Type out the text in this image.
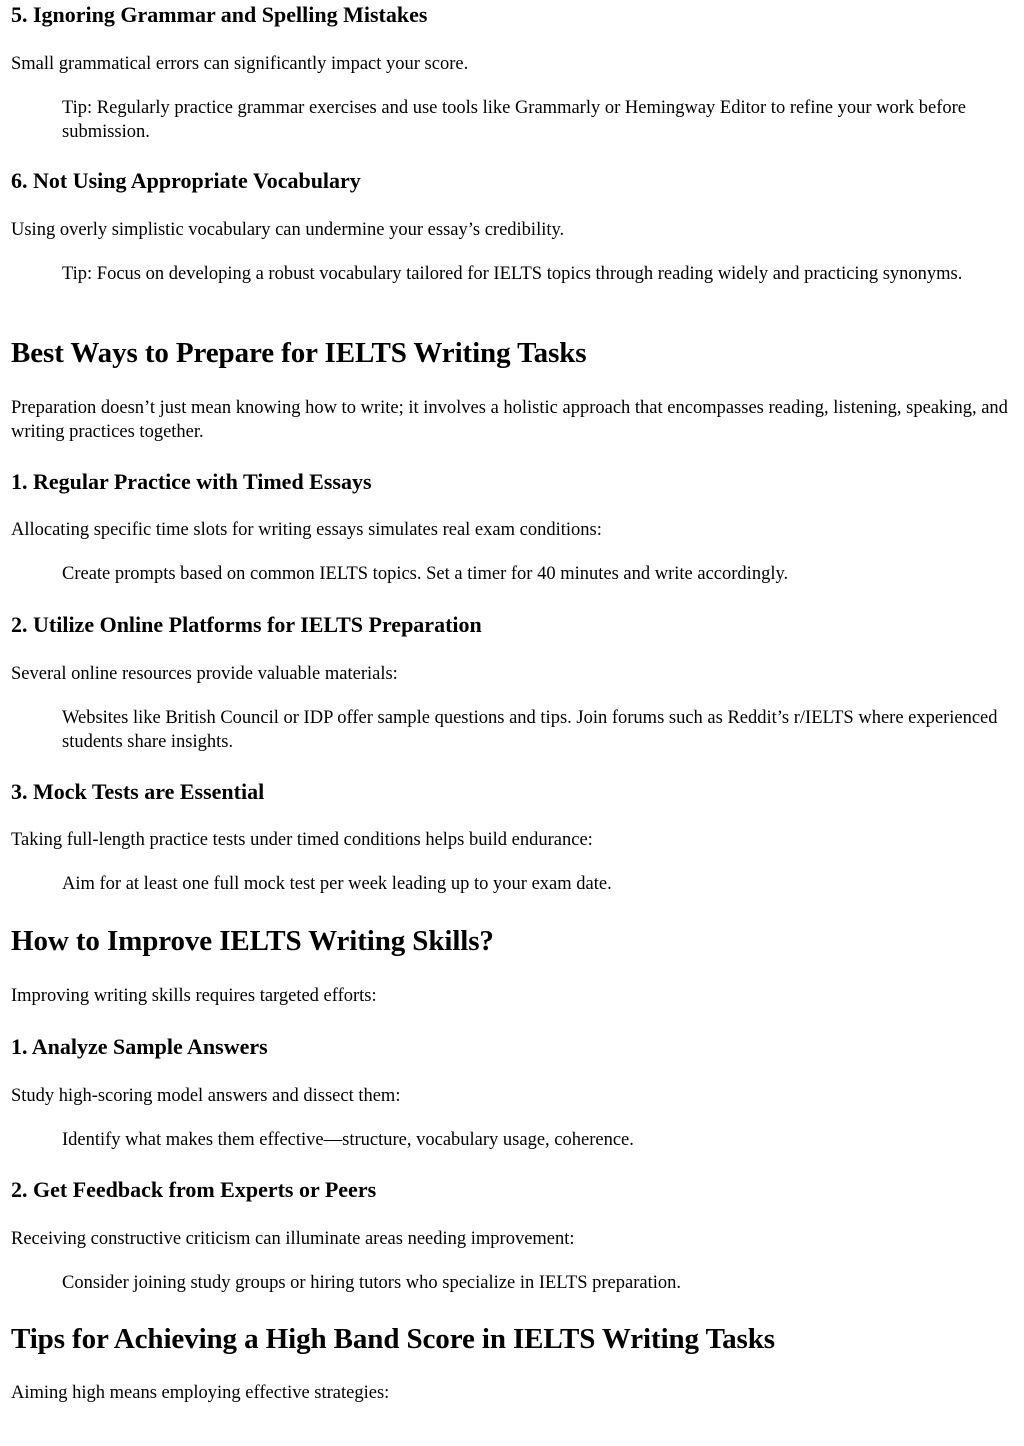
5. Ignoring Grammar and Spelling Mistakes

Small grammatical errors can significantly impact your score.

Tip: Regularly practice grammar exercises and use tools like Grammarly or Hemingway Editor to refine your work before submission.

6. Not Using Appropriate Vocabulary

Using overly simplistic vocabulary can undermine your essay’s credibility.

Tip: Focus on developing a robust vocabulary tailored for IELTS topics through reading widely and practicing synonyms.

Best Ways to Prepare for IELTS Writing Tasks

Preparation doesn’t just mean knowing how to write; it involves a holistic approach that encompasses reading, listening, speaking, and writing practices together.

1. Regular Practice with Timed Essays

Allocating specific time slots for writing essays simulates real exam conditions:

Create prompts based on common IELTS topics. Set a timer for 40 minutes and write accordingly.

2. Utilize Online Platforms for IELTS Preparation

Several online resources provide valuable materials:

Websites like British Council or IDP offer sample questions and tips. Join forums such as Reddit’s r/IELTS where experienced students share insights.

3. Mock Tests are Essential

Taking full-length practice tests under timed conditions helps build endurance:

Aim for at least one full mock test per week leading up to your exam date.

How to Improve IELTS Writing Skills?

Improving writing skills requires targeted efforts:

1. Analyze Sample Answers

Study high-scoring model answers and dissect them:

Identify what makes them effective—structure, vocabulary usage, coherence.

2. Get Feedback from Experts or Peers

Receiving constructive criticism can illuminate areas needing improvement:

Consider joining study groups or hiring tutors who specialize in IELTS preparation.

Tips for Achieving a High Band Score in IELTS Writing Tasks

Aiming high means employing effective strategies:
